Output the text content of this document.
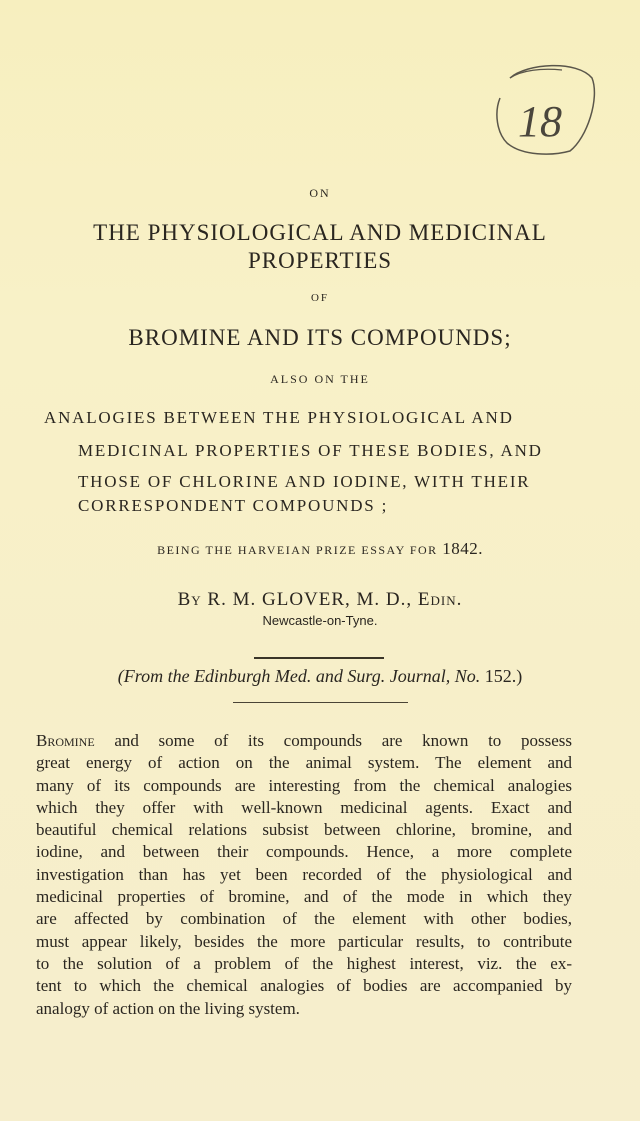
18
ON
THE PHYSIOLOGICAL AND MEDICINAL
PROPERTIES
OF
BROMINE AND ITS COMPOUNDS;
ALSO ON THE
ANALOGIES BETWEEN THE PHYSIOLOGICAL AND
MEDICINAL PROPERTIES OF THESE BODIES, AND
THOSE OF CHLORINE AND IODINE, WITH THEIR
CORRESPONDENT COMPOUNDS ;
BEING THE HARVEIAN PRIZE ESSAY FOR 1842.
By R. M. GLOVER, M. D., Edin.
Newcastle-on-Tyne.
(From the Edinburgh Med. and Surg. Journal, No. 152.)
Bromine and some of its compounds are known to possess
great energy of action on the animal system. The element and
many of its compounds are interesting from the chemical analogies
which they offer with well-known medicinal agents. Exact and
beautiful chemical relations subsist between chlorine, bromine, and
iodine, and between their compounds. Hence, a more complete
investigation than has yet been recorded of the physiological and
medicinal properties of bromine, and of the mode in which they
are affected by combination of the element with other bodies,
must appear likely, besides the more particular results, to contribute
to the solution of a problem of the highest interest, viz. the ex-
tent to which the chemical analogies of bodies are accompanied by
analogy of action on the living system.
